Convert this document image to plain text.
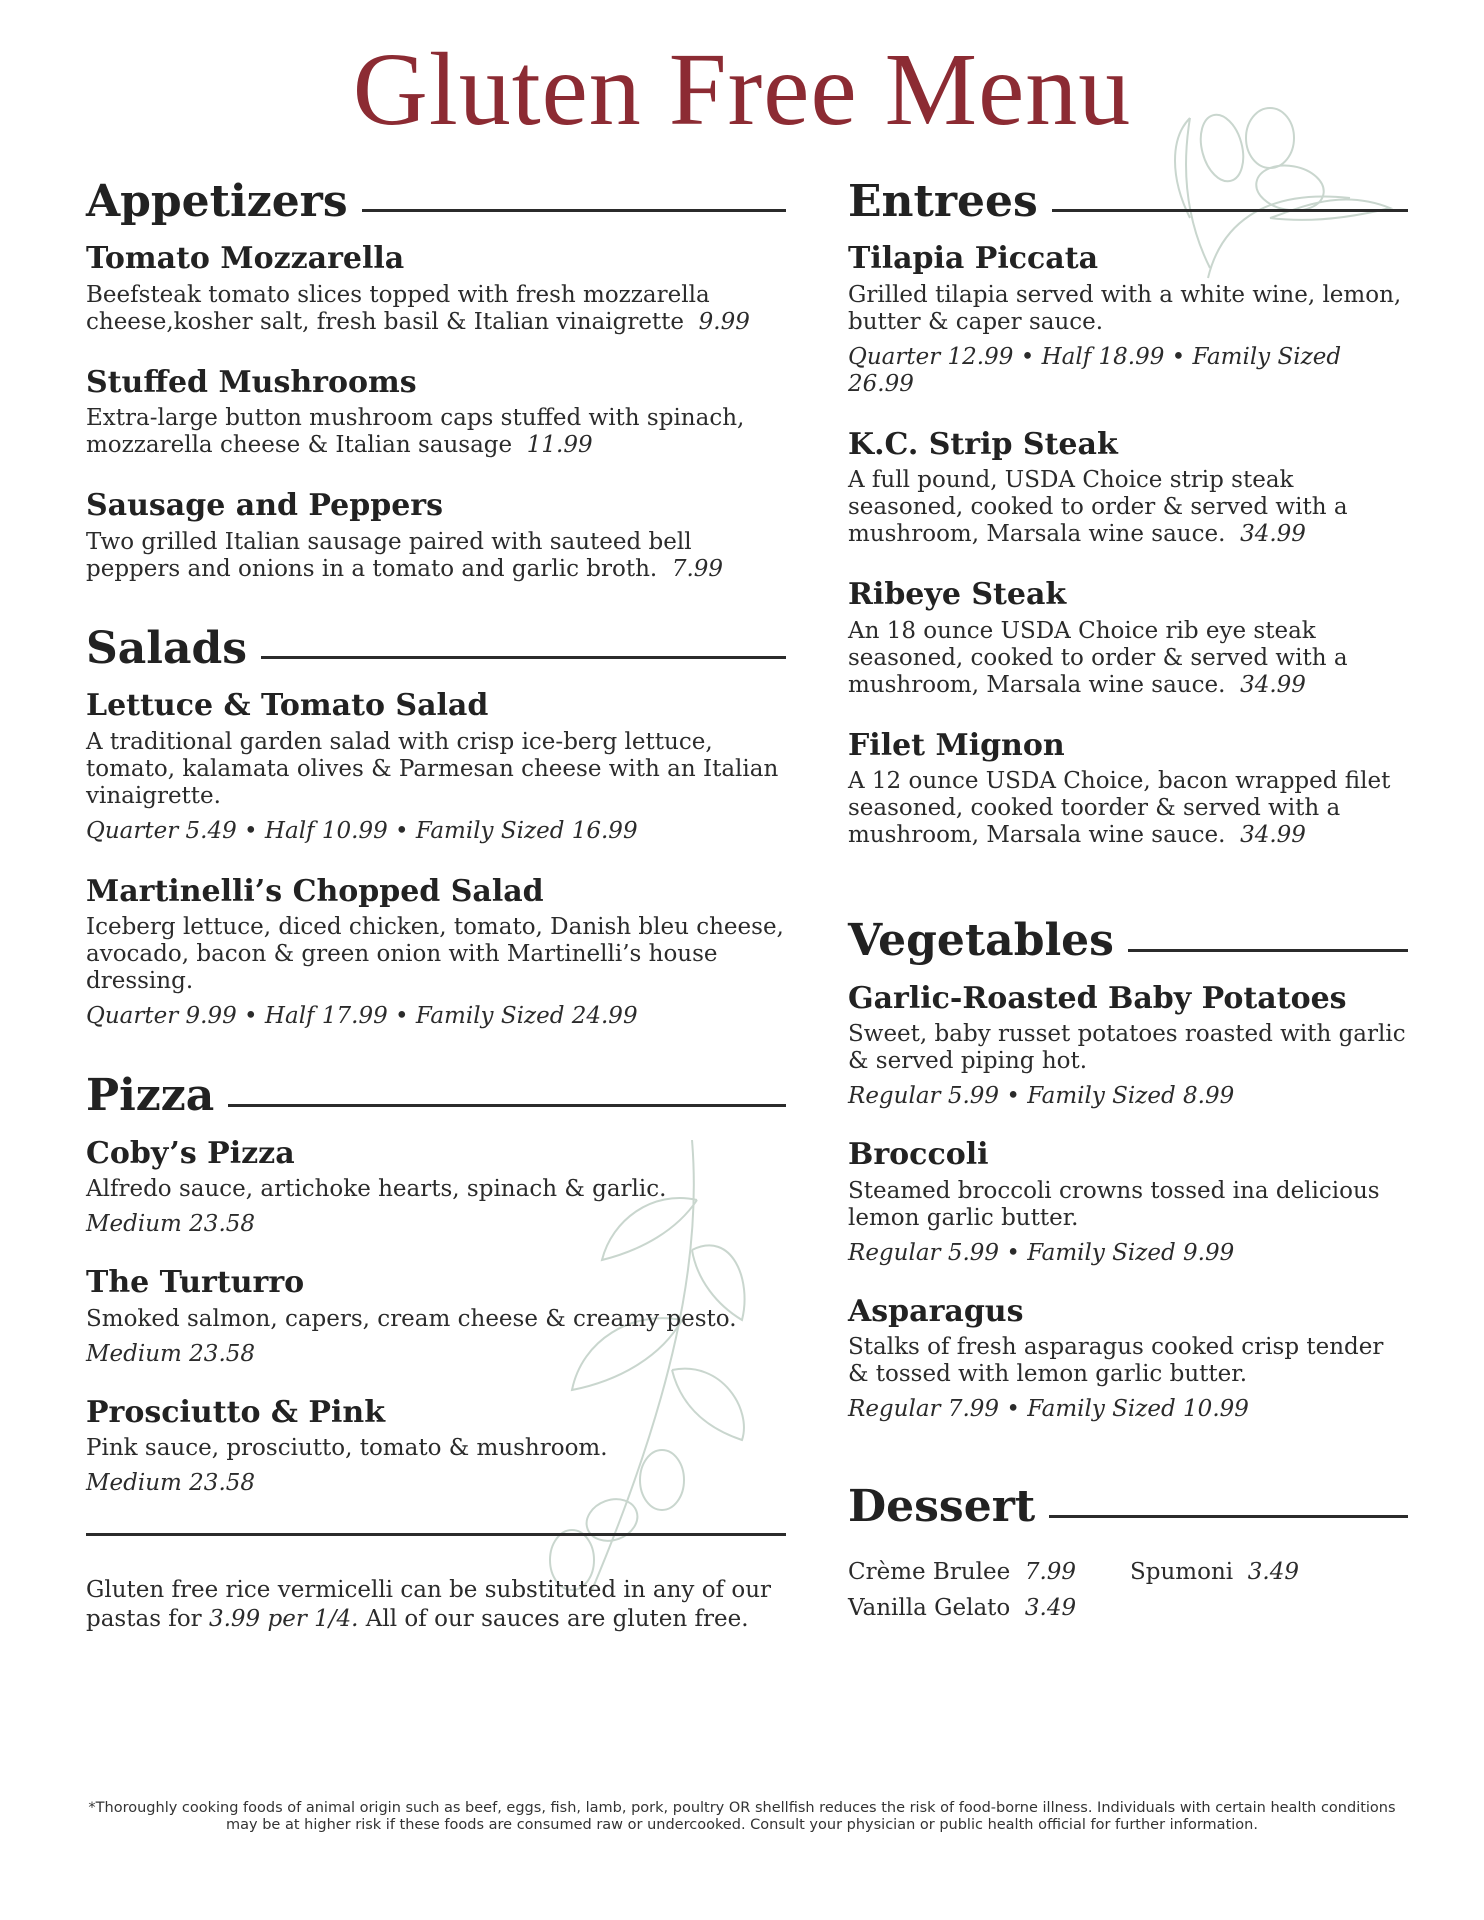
Gluten Free Menu
Appetizers
Tomato Mozzarella

Beefsteak tomato slices topped with fresh mozzarella cheese,kosher salt, fresh basil & Italian vinaigrette 9.99

Stuffed Mushrooms

Extra-large button mushroom caps stuffed with spinach, mozzarella cheese & Italian sausage 11.99

Sausage and Peppers

Two grilled Italian sausage paired with sauteed bell peppers and onions in a tomato and garlic broth. 7.99

Salads
Lettuce & Tomato Salad

A traditional garden salad with crisp ice-berg lettuce, tomato, kalamata olives & Parmesan cheese with an Italian vinaigrette.

Quarter 5.49 • Half 10.99 • Family Sized 16.99
Martinelli’s Chopped Salad

Iceberg lettuce, diced chicken, tomato, Danish bleu cheese, avocado, bacon & green onion with Martinelli’s house dressing.

Quarter 9.99 • Half 17.99 • Family Sized 24.99
Pizza
Coby’s Pizza

Alfredo sauce, artichoke hearts, spinach & garlic.

Medium 23.58
The Turturro

Smoked salmon, capers, cream cheese & creamy pesto.

Medium 23.58
Prosciutto & Pink

Pink sauce, prosciutto, tomato & mushroom.

Medium 23.58

Gluten free rice vermicelli can be substituted in any of our pastas for 3.99 per 1/4. All of our sauces are gluten free.

Entrees
Tilapia Piccata

Grilled tilapia served with a white wine, lemon, butter & caper sauce.

Quarter 12.99 • Half 18.99 • Family Sized 26.99
K.C. Strip Steak

A full pound, USDA Choice strip steak seasoned, cooked to order & served with a mushroom, Marsala wine sauce. 34.99

Ribeye Steak

An 18 ounce USDA Choice rib eye steak seasoned, cooked to order & served with a mushroom, Marsala wine sauce. 34.99

Filet Mignon

A 12 ounce USDA Choice, bacon wrapped filet seasoned, cooked toorder & served with a mushroom, Marsala wine sauce. 34.99

Vegetables
Garlic-Roasted Baby Potatoes

Sweet, baby russet potatoes roasted with garlic & served piping hot.

Regular 5.99 • Family Sized 8.99
Broccoli

Steamed broccoli crowns tossed ina delicious lemon garlic butter.

Regular 5.99 • Family Sized 9.99
Asparagus

Stalks of fresh asparagus cooked crisp tender & tossed with lemon garlic butter.

Regular 7.99 • Family Sized 10.99
Dessert
Crème Brulee 7.99	Spumoni 3.49
Vanilla Gelato 3.49
*Thoroughly cooking foods of animal origin such as beef, eggs, fish, lamb, pork, poultry OR shellfish reduces the risk of food-borne illness. Individuals with certain health conditions
may be at higher risk if these foods are consumed raw or undercooked. Consult your physician or public health official for further information.
